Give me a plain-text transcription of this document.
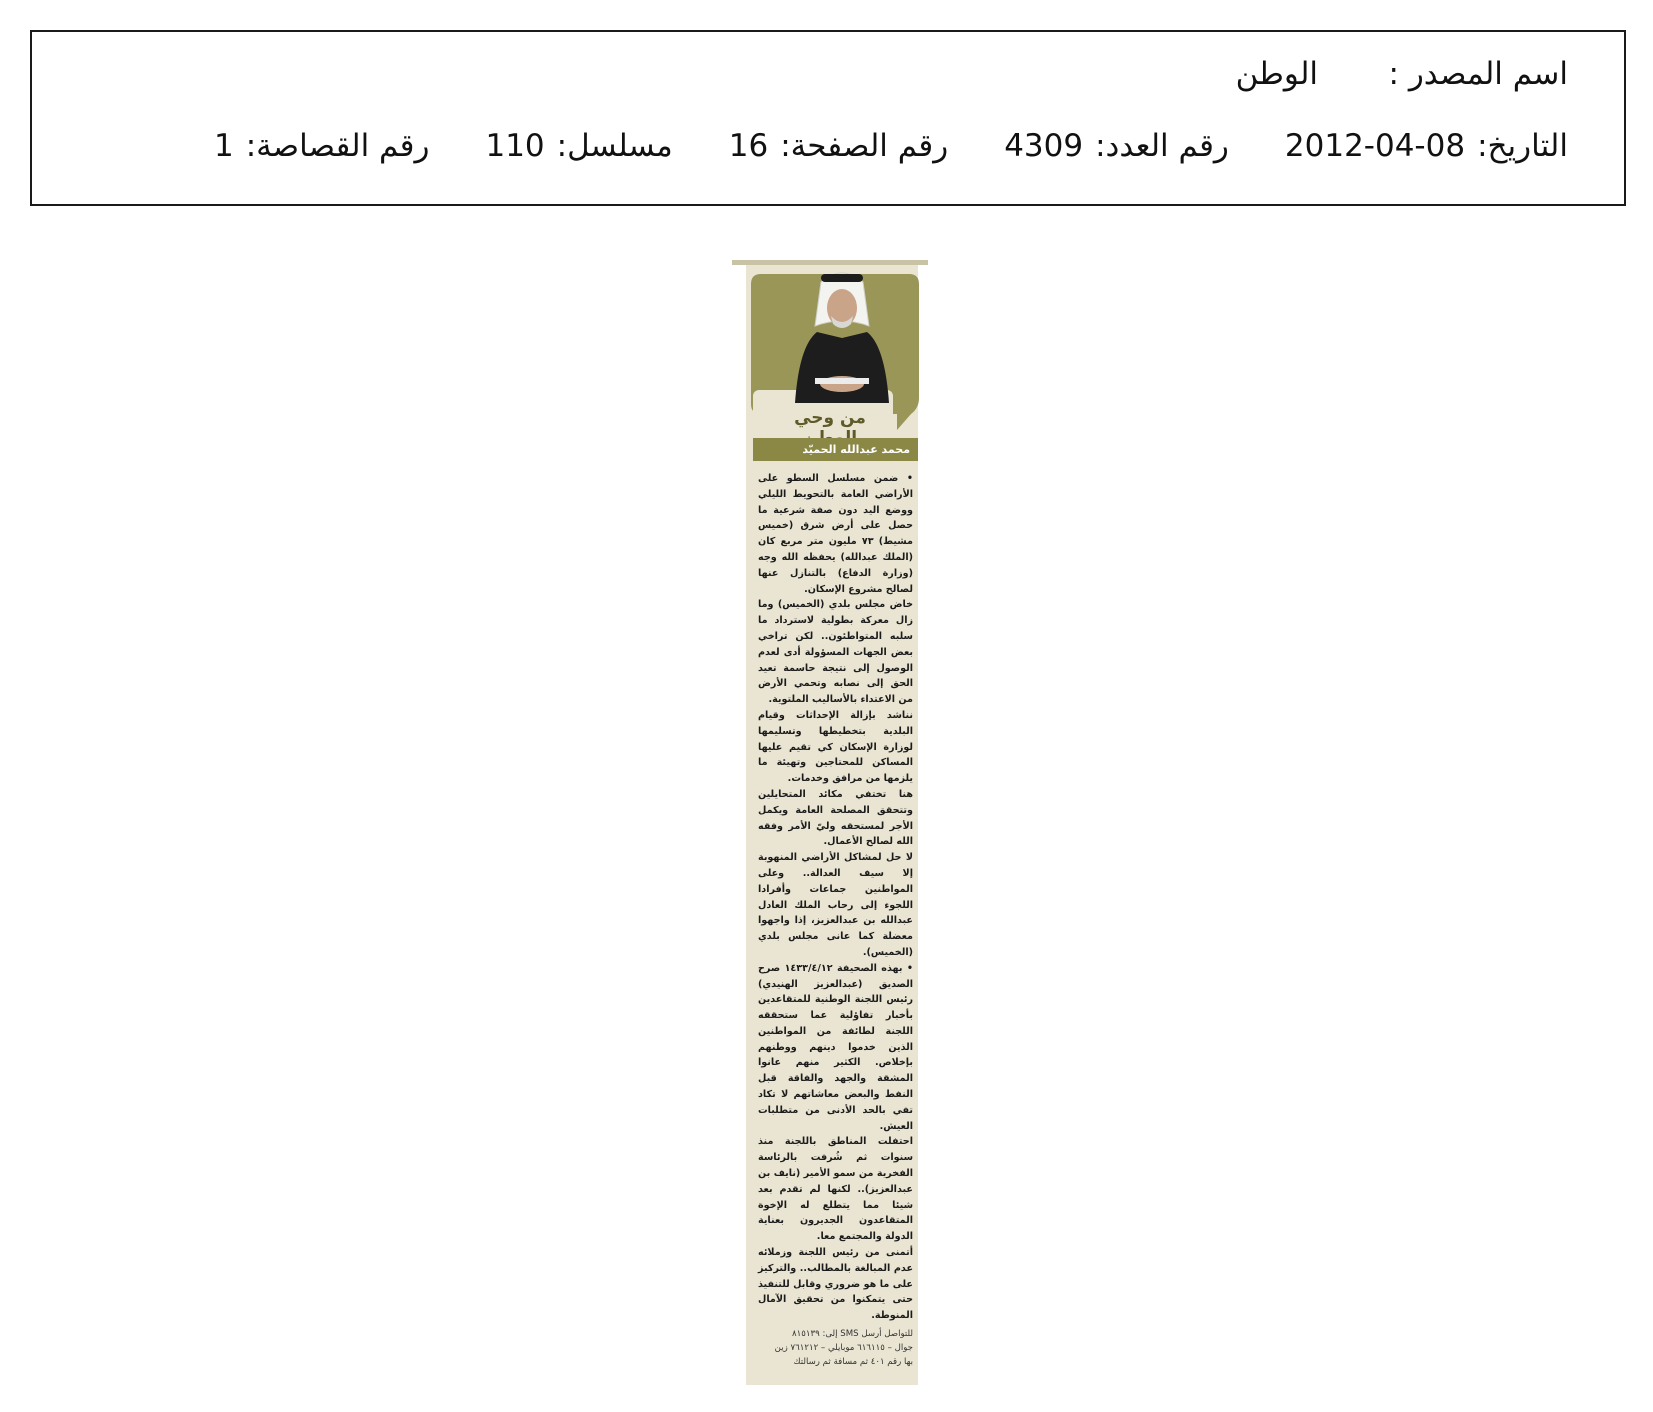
اسم المصدر :
الوطن
التاريخ:
2012-04-08
رقم العدد:
4309
رقم الصفحة:
16
مسلسل:
110
رقم القصاصة:
1
من وحي
محمد عبدالله الحميّد

• ضمن مسلسل السطو على الأراضي العامة بالتحويط الليلي ووضع اليد دون صفة شرعية ما حصل على أرض شرق (خميس مشيط) ٧٣ مليون متر مربع كان (الملك عبدالله) يحفظه الله وجه (وزارة الدفاع) بالتنازل عنها لصالح مشروع الإسكان.

خاض مجلس بلدي (الخميس) وما زال معركة بطولية لاسترداد ما سلبه المتواطئون.. لكن تراخي بعض الجهات المسؤولة أدى لعدم الوصول إلى نتيجة حاسمة تعيد الحق إلى نصابه وتحمي الأرض من الاعتداء بالأساليب الملتوية.

نناشد بإزالة الإحداثات وقيام البلدية بتخطيطها وتسليمها لوزارة الإسكان كي تقيم عليها المساكن للمحتاجين وتهيئة ما يلزمها من مرافق وخدمات.

هنا تختفي مكائد المتحايلين وتتحقق المصلحة العامة ويكمل الأجر لمستحقه وليّ الأمر وفقه الله لصالح الأعمال.

لا حل لمشاكل الأراضي المنهوبة إلا سيف العدالة.. وعلى المواطنين جماعات وأفرادا اللجوء إلى رحاب الملك العادل عبدالله بن عبدالعزيز، إذا واجهوا معضلة كما عانى مجلس بلدي (الخميس).

• بهذه الصحيفة ١٤٣٣/٤/١٢ صرح الصديق (عبدالعزيز الهنيدي) رئيس اللجنة الوطنية للمتقاعدين بأخبار تفاؤلية عما ستحققه اللجنة لطائفة من المواطنين الذين خدموا دينهم ووطنهم بإخلاص. الكثير منهم عانوا المشقة والجهد والفاقة قبل النفط والبعض معاشاتهم لا تكاد تفي بالحد الأدنى من متطلبات العيش.

احتفلت المناطق باللجنة منذ سنوات ثم شُرفت بالرئاسة الفخرية من سمو الأمير (نايف بن عبدالعزيز).. لكنها لم تقدم بعد شيئا مما يتطلع له الإخوة المتقاعدون الجديرون بعناية الدولة والمجتمع معا.

أتمنى من رئيس اللجنة وزملائه عدم المبالغة بالمطالب.. والتركيز على ما هو ضروري وقابل للتنفيذ حتى يتمكنوا من تحقيق الآمال المنوطة.

للتواصل أرسل SMS إلى: ٨١٥١٣٩
جوال – ٦١٦١١٥ موبايلي – ٧٦١٢١٢ زين
بها رقم ٤٠١ ثم مسافة ثم رسالتك
